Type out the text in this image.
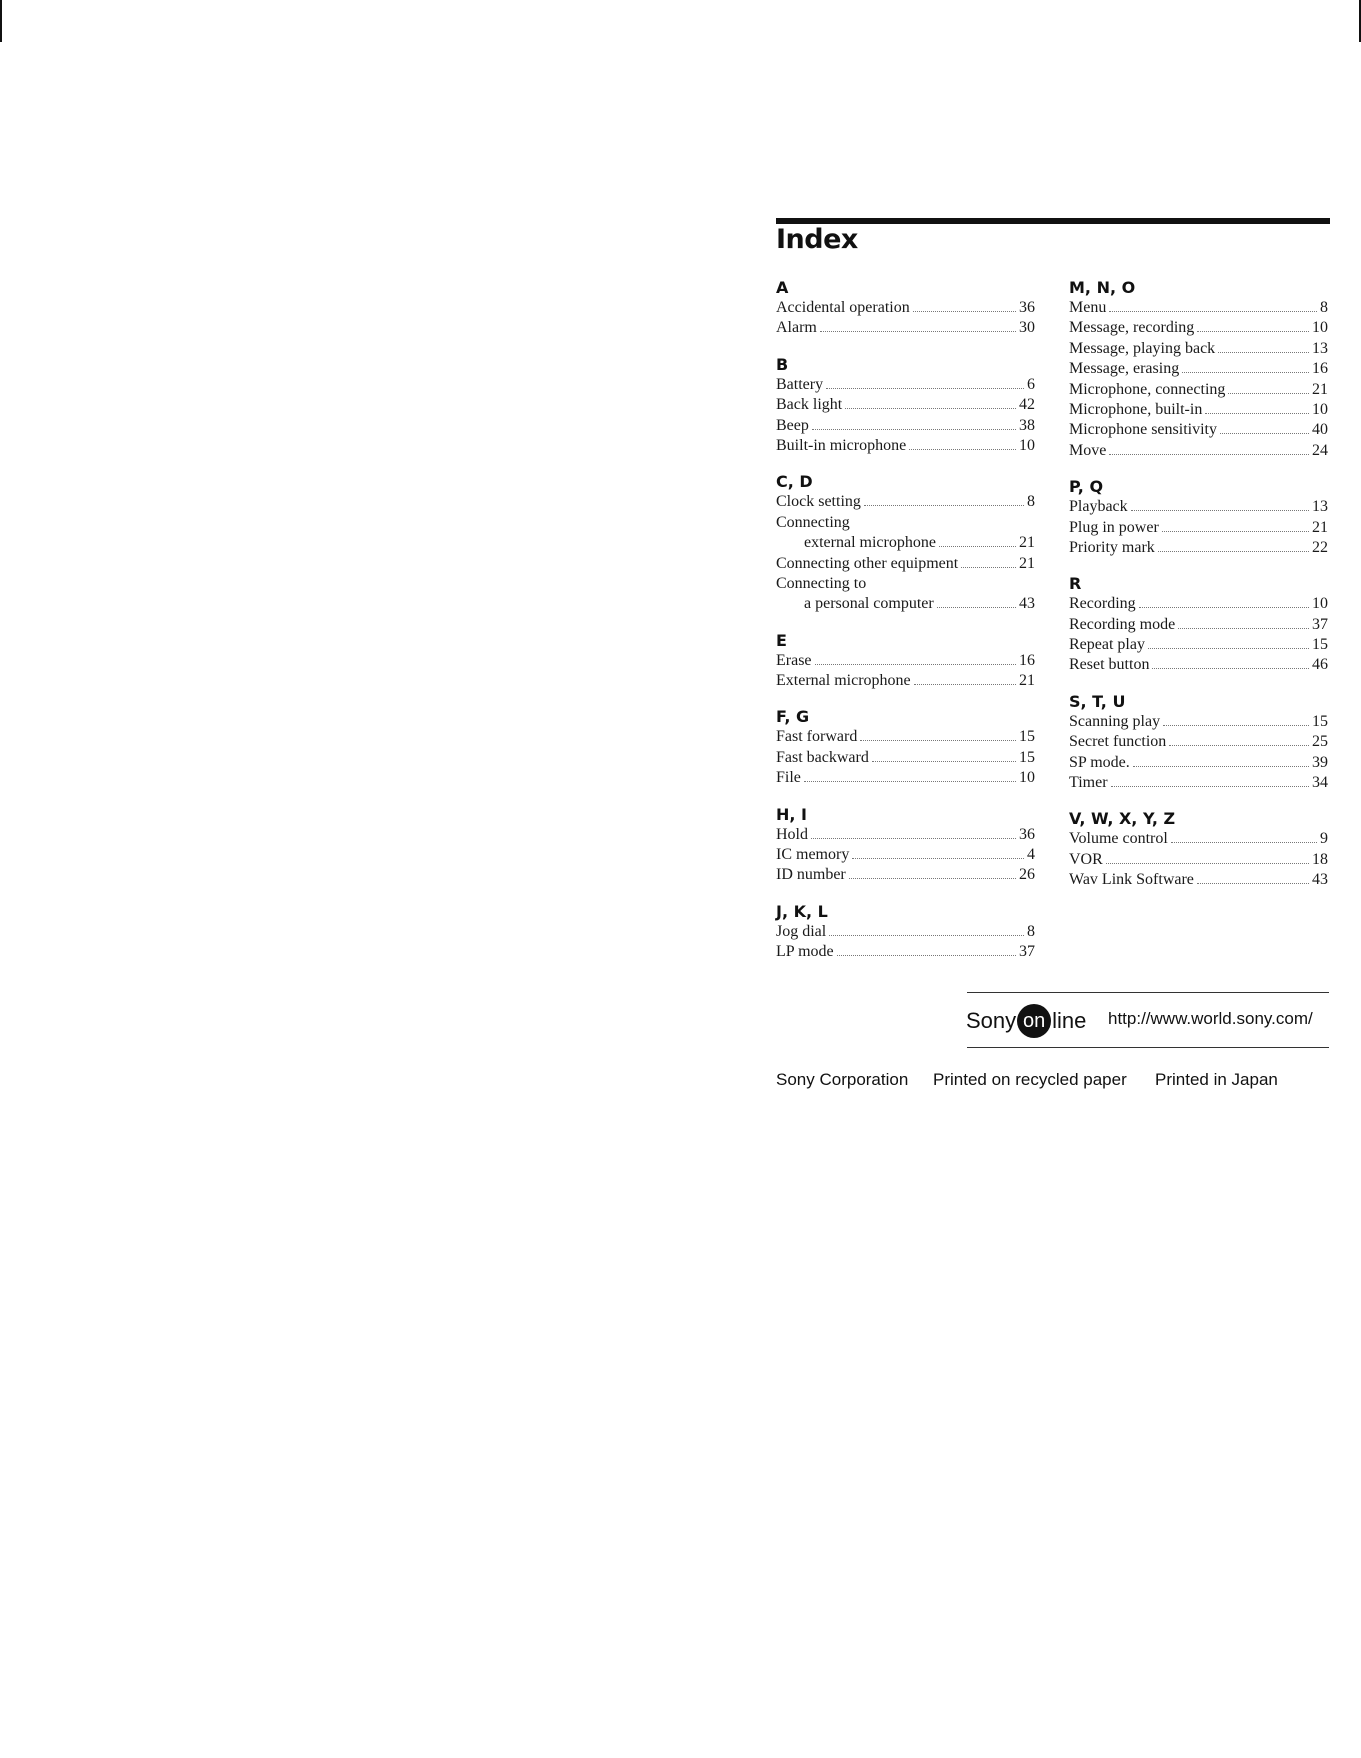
Index
A
Accidental operation	36
Alarm	30
B
Battery	6
Back light	42
Beep	38
Built-in microphone	10
C, D
Clock setting	8
Connecting
external microphone	21
Connecting other equipment	21
Connecting to
a personal computer	43
E
Erase	16
External microphone	21
F, G
Fast forward	15
Fast backward	15
File	10
H, I
Hold	36
IC memory	4
ID number	26
J, K, L
Jog dial	8
LP mode	37
M, N, O
Menu	8
Message, recording	10
Message, playing back	13
Message, erasing	16
Microphone, connecting	21
Microphone, built-in	10
Microphone sensitivity	40
Move	24
P, Q
Playback	13
Plug in power	21
Priority mark	22
R
Recording	10
Recording mode	37
Repeat play	15
Reset button	46
S, T, U
Scanning play	15
Secret function	25
SP mode.	39
Timer	34
V, W, X, Y, Z
Volume control	9
VOR	18
Wav Link Software	43
Sony on line http://www.world.sony.com/
Sony Corporation Printed on recycled paper Printed in Japan
